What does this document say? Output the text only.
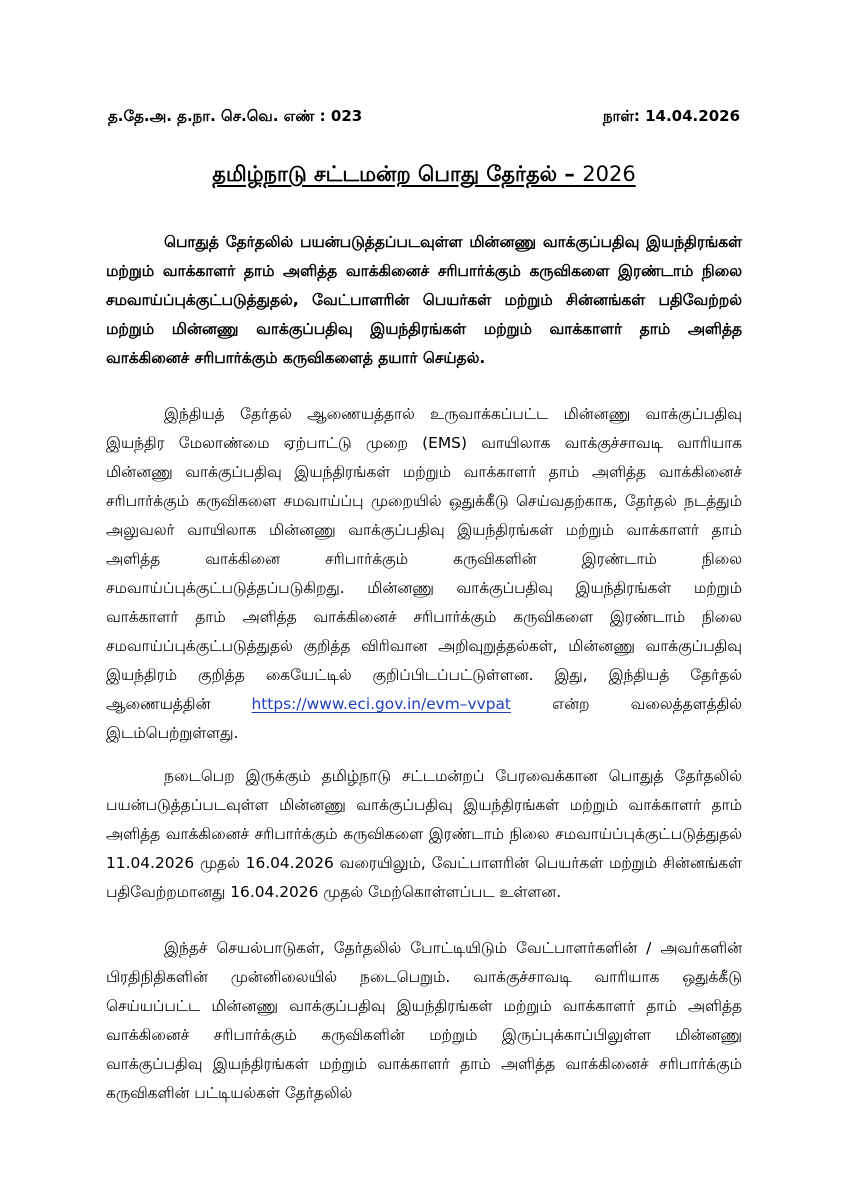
த.தே.அ. த.நா. செ.வெ. எண் : 023	நாள்: 14.04.2026
தமிழ்நாடு சட்டமன்ற பொது தேர்தல் – 2026

பொதுத் தேர்தலில் பயன்படுத்தப்படவுள்ள மின்னணு வாக்குப்பதிவு இயந்திரங்கள் மற்றும் வாக்காளர் தாம் அளித்த வாக்கினைச் சரிபார்க்கும் கருவிகளை இரண்டாம் நிலை சமவாய்ப்புக்குட்படுத்துதல், வேட்பாளரின் பெயர்கள் மற்றும் சின்னங்கள் பதிவேற்றல் மற்றும் மின்னணு வாக்குப்பதிவு இயந்திரங்கள் மற்றும் வாக்காளர் தாம் அளித்த வாக்கினைச் சரிபார்க்கும் கருவிகளைத் தயார் செய்தல்.

இந்தியத் தேர்தல் ஆணையத்தால் உருவாக்கப்பட்ட மின்னணு வாக்குப்பதிவு இயந்திர மேலாண்மை ஏற்பாட்டு முறை (EMS) வாயிலாக வாக்குச்சாவடி வாரியாக மின்னணு வாக்குப்பதிவு இயந்திரங்கள் மற்றும் வாக்காளர் தாம் அளித்த வாக்கினைச் சரிபார்க்கும் கருவிகளை சமவாய்ப்பு முறையில் ஒதுக்கீடு செய்வதற்காக, தேர்தல் நடத்தும் அலுவலர் வாயிலாக மின்னணு வாக்குப்பதிவு இயந்திரங்கள் மற்றும் வாக்காளர் தாம் அளித்த வாக்கினை சரிபார்க்கும் கருவிகளின் இரண்டாம் நிலை சமவாய்ப்புக்குட்படுத்தப்படுகிறது. மின்னணு வாக்குப்பதிவு இயந்திரங்கள் மற்றும் வாக்காளர் தாம் அளித்த வாக்கினைச் சரிபார்க்கும் கருவிகளை இரண்டாம் நிலை சமவாய்ப்புக்குட்படுத்துதல் குறித்த விரிவான அறிவுறுத்தல்கள், மின்னணு வாக்குப்பதிவு இயந்திரம் குறித்த கையேட்டில் குறிப்பிடப்பட்டுள்ளன. இது, இந்தியத் தேர்தல் ஆணையத்தின்	https://www.eci.gov.in/evm–vvpat	என்ற வலைத்தளத்தில் இடம்பெற்றுள்ளது.

நடைபெற இருக்கும் தமிழ்நாடு சட்டமன்றப் பேரவைக்கான பொதுத் தேர்தலில் பயன்படுத்தப்படவுள்ள மின்னணு வாக்குப்பதிவு இயந்திரங்கள் மற்றும் வாக்காளர் தாம் அளித்த வாக்கினைச் சரிபார்க்கும் கருவிகளை இரண்டாம் நிலை சமவாய்ப்புக்குட்படுத்துதல் 11.04.2026 முதல் 16.04.2026 வரையிலும், வேட்பாளரின் பெயர்கள் மற்றும் சின்னங்கள் பதிவேற்றமானது 16.04.2026 முதல் மேற்கொள்ளப்பட உள்ளன.

இந்தச் செயல்பாடுகள், தேர்தலில் போட்டியிடும் வேட்பாளர்களின் / அவர்களின் பிரதிநிதிகளின் முன்னிலையில் நடைபெறும். வாக்குச்சாவடி வாரியாக ஒதுக்கீடு செய்யப்பட்ட மின்னணு வாக்குப்பதிவு இயந்திரங்கள் மற்றும் வாக்காளர் தாம் அளித்த வாக்கினைச் சரிபார்க்கும் கருவிகளின் மற்றும் இருப்புக்காப்பிலுள்ள மின்னணு வாக்குப்பதிவு இயந்திரங்கள் மற்றும் வாக்காளர் தாம் அளித்த வாக்கினைச் சரிபார்க்கும் கருவிகளின் பட்டியல்கள் தேர்தலில்
